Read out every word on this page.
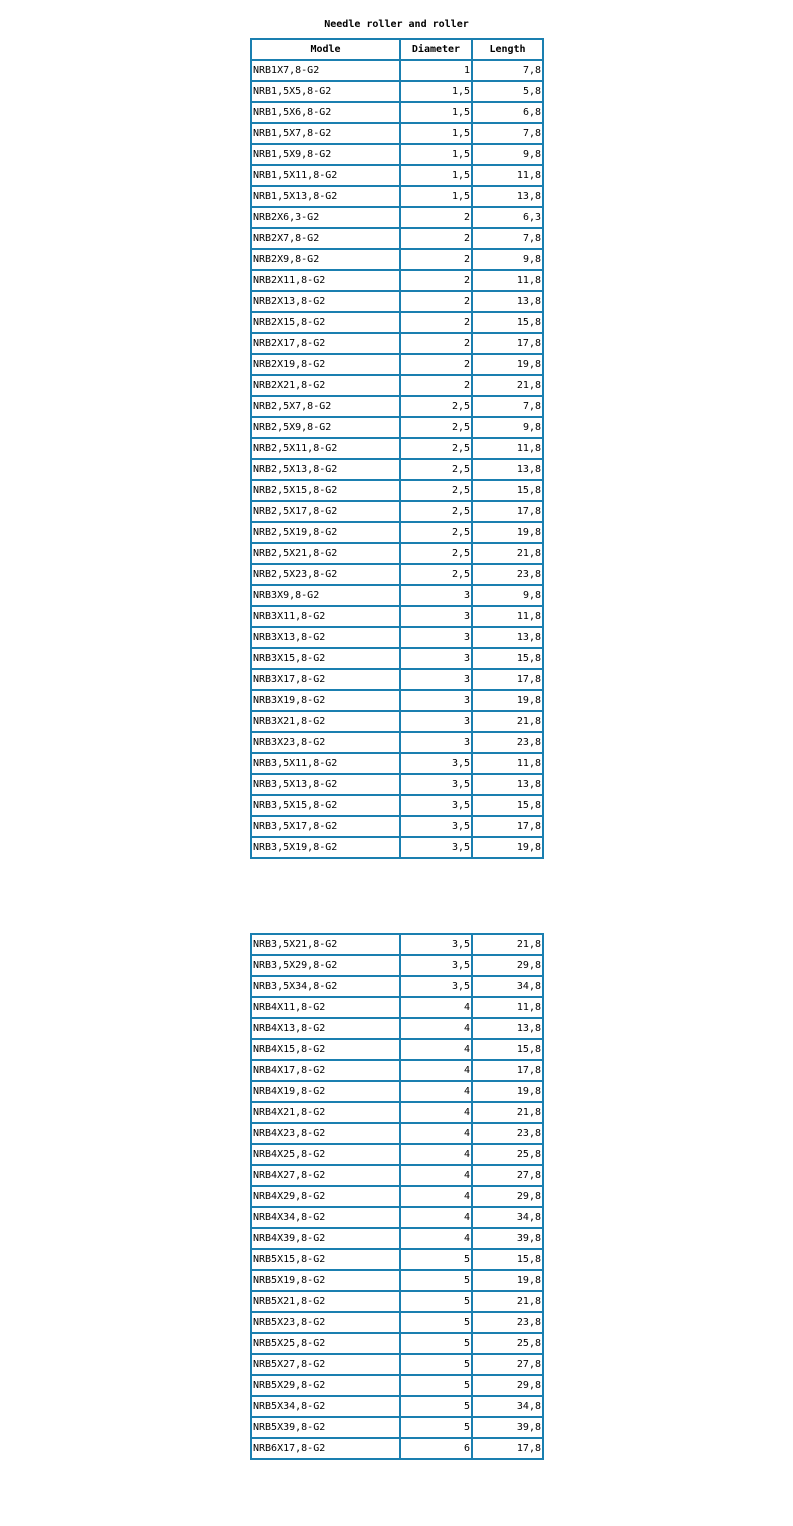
Needle roller and roller
Modle	Diameter	Length
NRB1X7,8-G2	1	7,8
NRB1,5X5,8-G2	1,5	5,8
NRB1,5X6,8-G2	1,5	6,8
NRB1,5X7,8-G2	1,5	7,8
NRB1,5X9,8-G2	1,5	9,8
NRB1,5X11,8-G2	1,5	11,8
NRB1,5X13,8-G2	1,5	13,8
NRB2X6,3-G2	2	6,3
NRB2X7,8-G2	2	7,8
NRB2X9,8-G2	2	9,8
NRB2X11,8-G2	2	11,8
NRB2X13,8-G2	2	13,8
NRB2X15,8-G2	2	15,8
NRB2X17,8-G2	2	17,8
NRB2X19,8-G2	2	19,8
NRB2X21,8-G2	2	21,8
NRB2,5X7,8-G2	2,5	7,8
NRB2,5X9,8-G2	2,5	9,8
NRB2,5X11,8-G2	2,5	11,8
NRB2,5X13,8-G2	2,5	13,8
NRB2,5X15,8-G2	2,5	15,8
NRB2,5X17,8-G2	2,5	17,8
NRB2,5X19,8-G2	2,5	19,8
NRB2,5X21,8-G2	2,5	21,8
NRB2,5X23,8-G2	2,5	23,8
NRB3X9,8-G2	3	9,8
NRB3X11,8-G2	3	11,8
NRB3X13,8-G2	3	13,8
NRB3X15,8-G2	3	15,8
NRB3X17,8-G2	3	17,8
NRB3X19,8-G2	3	19,8
NRB3X21,8-G2	3	21,8
NRB3X23,8-G2	3	23,8
NRB3,5X11,8-G2	3,5	11,8
NRB3,5X13,8-G2	3,5	13,8
NRB3,5X15,8-G2	3,5	15,8
NRB3,5X17,8-G2	3,5	17,8
NRB3,5X19,8-G2	3,5	19,8
NRB3,5X21,8-G2	3,5	21,8
NRB3,5X29,8-G2	3,5	29,8
NRB3,5X34,8-G2	3,5	34,8
NRB4X11,8-G2	4	11,8
NRB4X13,8-G2	4	13,8
NRB4X15,8-G2	4	15,8
NRB4X17,8-G2	4	17,8
NRB4X19,8-G2	4	19,8
NRB4X21,8-G2	4	21,8
NRB4X23,8-G2	4	23,8
NRB4X25,8-G2	4	25,8
NRB4X27,8-G2	4	27,8
NRB4X29,8-G2	4	29,8
NRB4X34,8-G2	4	34,8
NRB4X39,8-G2	4	39,8
NRB5X15,8-G2	5	15,8
NRB5X19,8-G2	5	19,8
NRB5X21,8-G2	5	21,8
NRB5X23,8-G2	5	23,8
NRB5X25,8-G2	5	25,8
NRB5X27,8-G2	5	27,8
NRB5X29,8-G2	5	29,8
NRB5X34,8-G2	5	34,8
NRB5X39,8-G2	5	39,8
NRB6X17,8-G2	6	17,8
